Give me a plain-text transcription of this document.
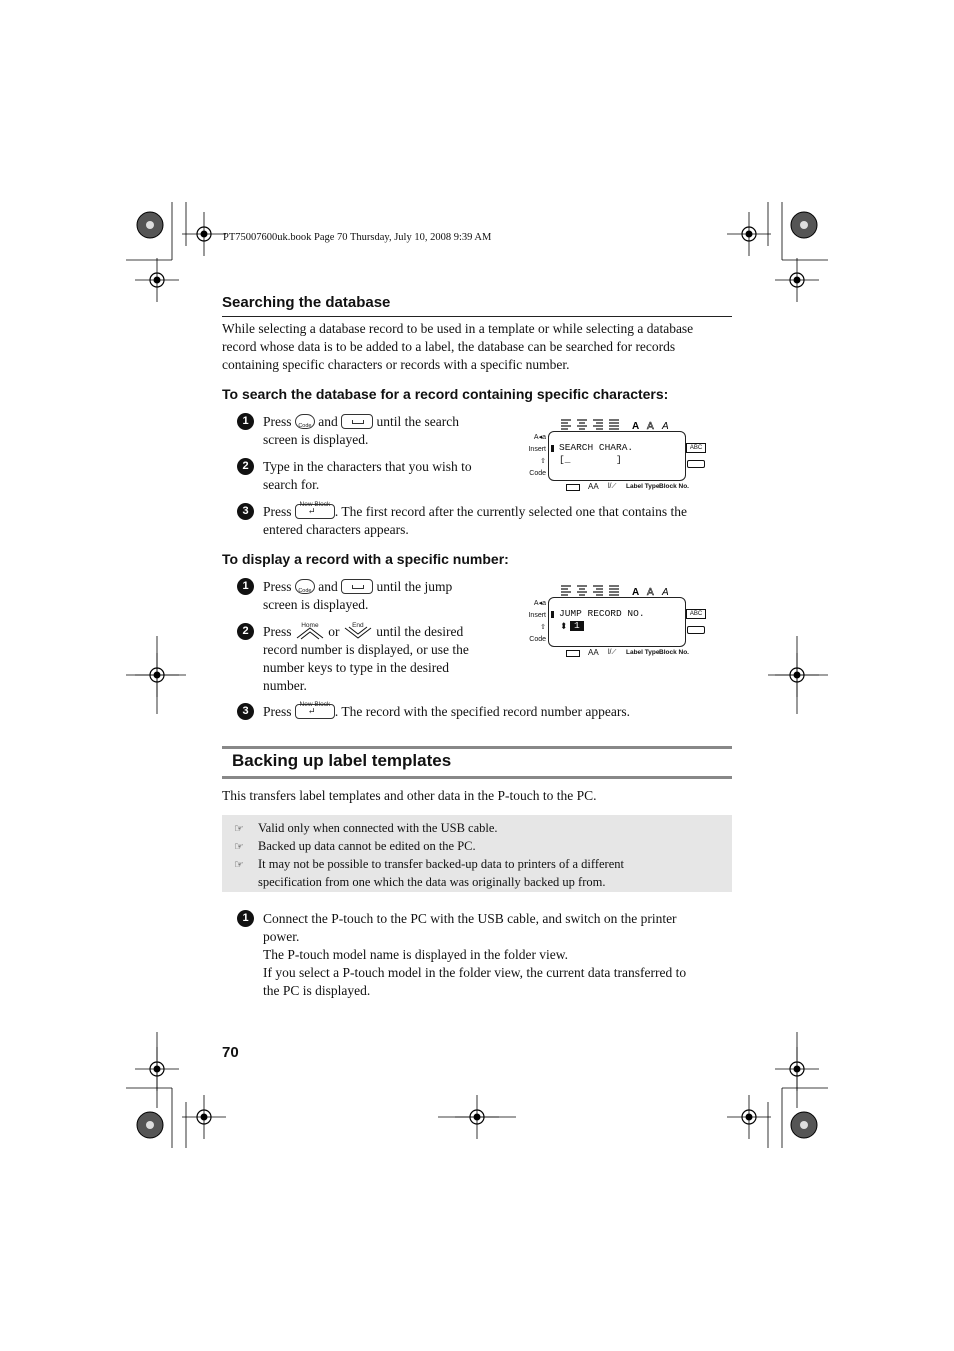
PT75007600uk.book Page 70 Thursday, July 10, 2008 9:39 AM
Searching the database
While selecting a database record to be used in a template or while selecting a database
record whose data is to be added to a label, the database can be searched for records
containing specific characters or records with a specific number.
To search the database for a record containing specific characters:
1	Press	Code and	until the search
screen is displayed.
2	Type in the characters that you wish to
search for.
3	Press	New Block
↵ . The first record after the currently selected one that contains the
entered characters appears.
A A A
A◂a
Insert
⇧
Code
SEARCH CHARA.
[_        ]
ABC
AA l/⟋ Label Type Block No.
To display a record with a specific number:
1	Press	Code and	until the jump
screen is displayed.
2	Press	Home or	End until the desired
record number is displayed, or use the
number keys to type in the desired
number.
3	Press	New Block
↵ . The record with the specified record number appears.
A A A
A◂a
Insert
⇧
Code
JUMP RECORD NO.
⬍ 1
ABC
AA l/⟋ Label Type Block No.
Backing up label templates
This transfers label templates and other data in the P-touch to the PC.
☞ Valid only when connected with the USB cable.
☞ Backed up data cannot be edited on the PC.
☞ It may not be possible to transfer backed-up data to printers of a different
specification from one which the data was originally backed up from.
1	Connect the P-touch to the PC with the USB cable, and switch on the printer
power.
The P-touch model name is displayed in the folder view.
If you select a P-touch model in the folder view, the current data transferred to
the PC is displayed.
70
